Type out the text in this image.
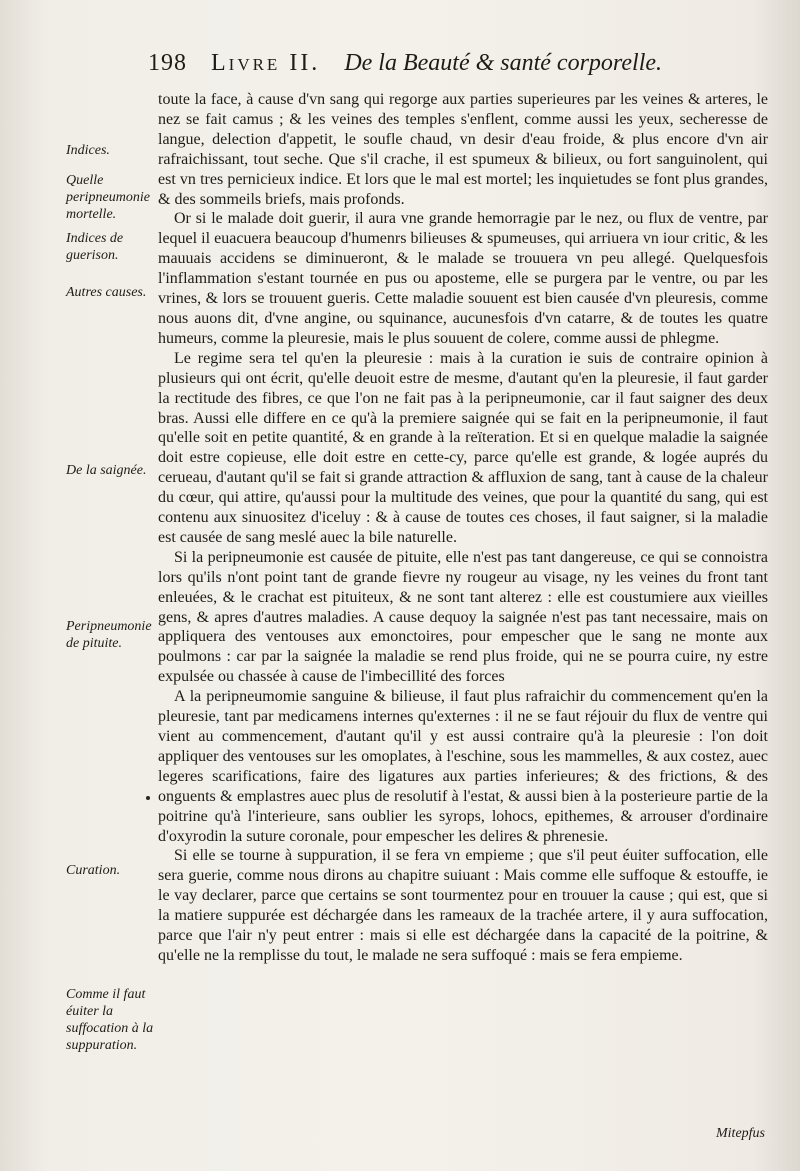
198 Livre II. De la Beauté & santé corporelle.
Indices.
Quelle peripneumonie mortelle.
Indices de guerison.
Autres causes.
De la saignée.
Peripneumonie de pituite.
Curation.
Comme il faut éuiter la suffocation à la suppuration.

toute la face, à cause d'vn sang qui regorge aux parties superieures par les veines & arteres, le nez se fait camus ; & les veines des temples s'enflent, comme aussi les yeux, secheresse de langue, delection d'appetit, le soufle chaud, vn desir d'eau froide, & plus encore d'vn air rafraichissant, tout seche. Que s'il crache, il est spumeux & bilieux, ou fort sanguinolent, qui est vn tres pernicieux indice. Et lors que le mal est mortel; les inquietudes se font plus grandes, & des sommeils briefs, mais profonds.

Or si le malade doit guerir, il aura vne grande hemorragie par le nez, ou flux de ventre, par lequel il euacuera beaucoup d'humenrs bilieuses & spumeuses, qui arriuera vn iour critic, & les mauuais accidens se diminueront, & le malade se trouuera vn peu allegé. Quelquesfois l'inflammation s'estant tournée en pus ou aposteme, elle se purgera par le ventre, ou par les vrines, & lors se trouuent gueris. Cette maladie souuent est bien causée d'vn pleuresis, comme nous auons dit, d'vne angine, ou squinance, aucunesfois d'vn catarre, & de toutes les quatre humeurs, comme la pleuresie, mais le plus souuent de colere, comme aussi de phlegme.

Le regime sera tel qu'en la pleuresie : mais à la curation ie suis de contraire opinion à plusieurs qui ont écrit, qu'elle deuoit estre de mesme, d'autant qu'en la pleuresie, il faut garder la rectitude des fibres, ce que l'on ne fait pas à la peripneumonie, car il faut saigner des deux bras. Aussi elle differe en ce qu'à la premiere saignée qui se fait en la peripneumonie, il faut qu'elle soit en petite quantité, & en grande à la reïteration. Et si en quelque maladie la saignée doit estre copieuse, elle doit estre en cette-cy, parce qu'elle est grande, & logée auprés du cerueau, d'autant qu'il se fait si grande attraction & affluxion de sang, tant à cause de la chaleur du cœur, qui attire, qu'aussi pour la multitude des veines, que pour la quantité du sang, qui est contenu aux sinuositez d'iceluy : & à cause de toutes ces choses, il faut saigner, si la maladie est causée de sang meslé auec la bile naturelle.

Si la peripneumonie est causée de pituite, elle n'est pas tant dangereuse, ce qui se connoistra lors qu'ils n'ont point tant de grande fievre ny rougeur au visage, ny les veines du front tant enleuées, & le crachat est pituiteux, & ne sont tant alterez : elle est coustumiere aux vieilles gens, & apres d'autres maladies. A cause dequoy la saignée n'est pas tant necessaire, mais on appliquera des ventouses aux emonctoires, pour empescher que le sang ne monte aux poulmons : car par la saignée la maladie se rend plus froide, qui ne se pourra cuire, ny estre expulsée ou chassée à cause de l'imbecillité des forces

A la peripneumomie sanguine & bilieuse, il faut plus rafraichir du commencement qu'en la pleuresie, tant par medicamens internes qu'externes : il ne se faut réjouir du flux de ventre qui vient au commencement, d'autant qu'il y est aussi contraire qu'à la pleuresie : l'on doit appliquer des ventouses sur les omoplates, à l'eschine, sous les mammelles, & aux costez, auec legeres scarifications, faire des ligatures aux parties inferieures; & des frictions, & des onguents & emplastres auec plus de resolutif à l'estat, & aussi bien à la posterieure partie de la poitrine qu'à l'interieure, sans oublier les syrops, lohocs, epithemes, & arrouser d'ordinaire d'oxyrodin la suture coronale, pour empescher les delires & phrenesie.

Si elle se tourne à suppuration, il se fera vn empieme ; que s'il peut éuiter suffocation, elle sera guerie, comme nous dirons au chapitre suiuant : Mais comme elle suffoque & estouffe, ie le vay declarer, parce que certains se sont tourmentez pour en trouuer la cause ; qui est, que si la matiere suppurée est déchargée dans les rameaux de la trachée artere, il y aura suffocation, parce que l'air n'y peut entrer : mais si elle est déchargée dans la capacité de la poitrine, & qu'elle ne la remplisse du tout, le malade ne sera suffoqué : mais se fera empieme.

Mitepfus
